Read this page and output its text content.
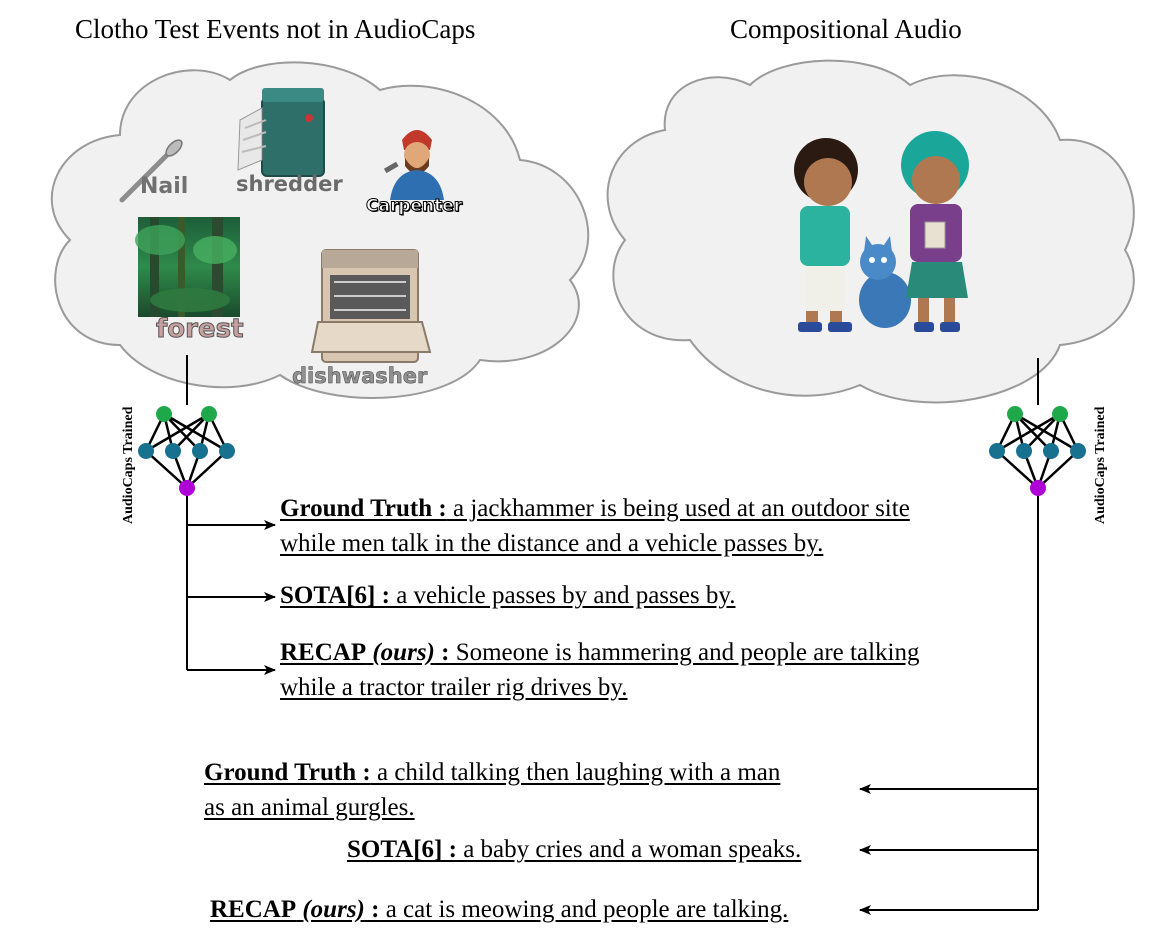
Clotho Test Events not in AudioCaps	Compositional Audio
Nail shredder
Carpenter
forest
dishwasher
AudioCaps Trained	AudioCaps Trained
Ground Truth : a jackhammer is being used at an outdoor site
while men talk in the distance and a vehicle passes by.
SOTA[6] : a vehicle passes by and passes by.
RECAP (ours) : Someone is hammering and people are talking
while a tractor trailer rig drives by.
Ground Truth : a child talking then laughing with a man
as an animal gurgles.
SOTA[6] : a baby cries and a woman speaks.
RECAP (ours) : a cat is meowing and people are talking.
